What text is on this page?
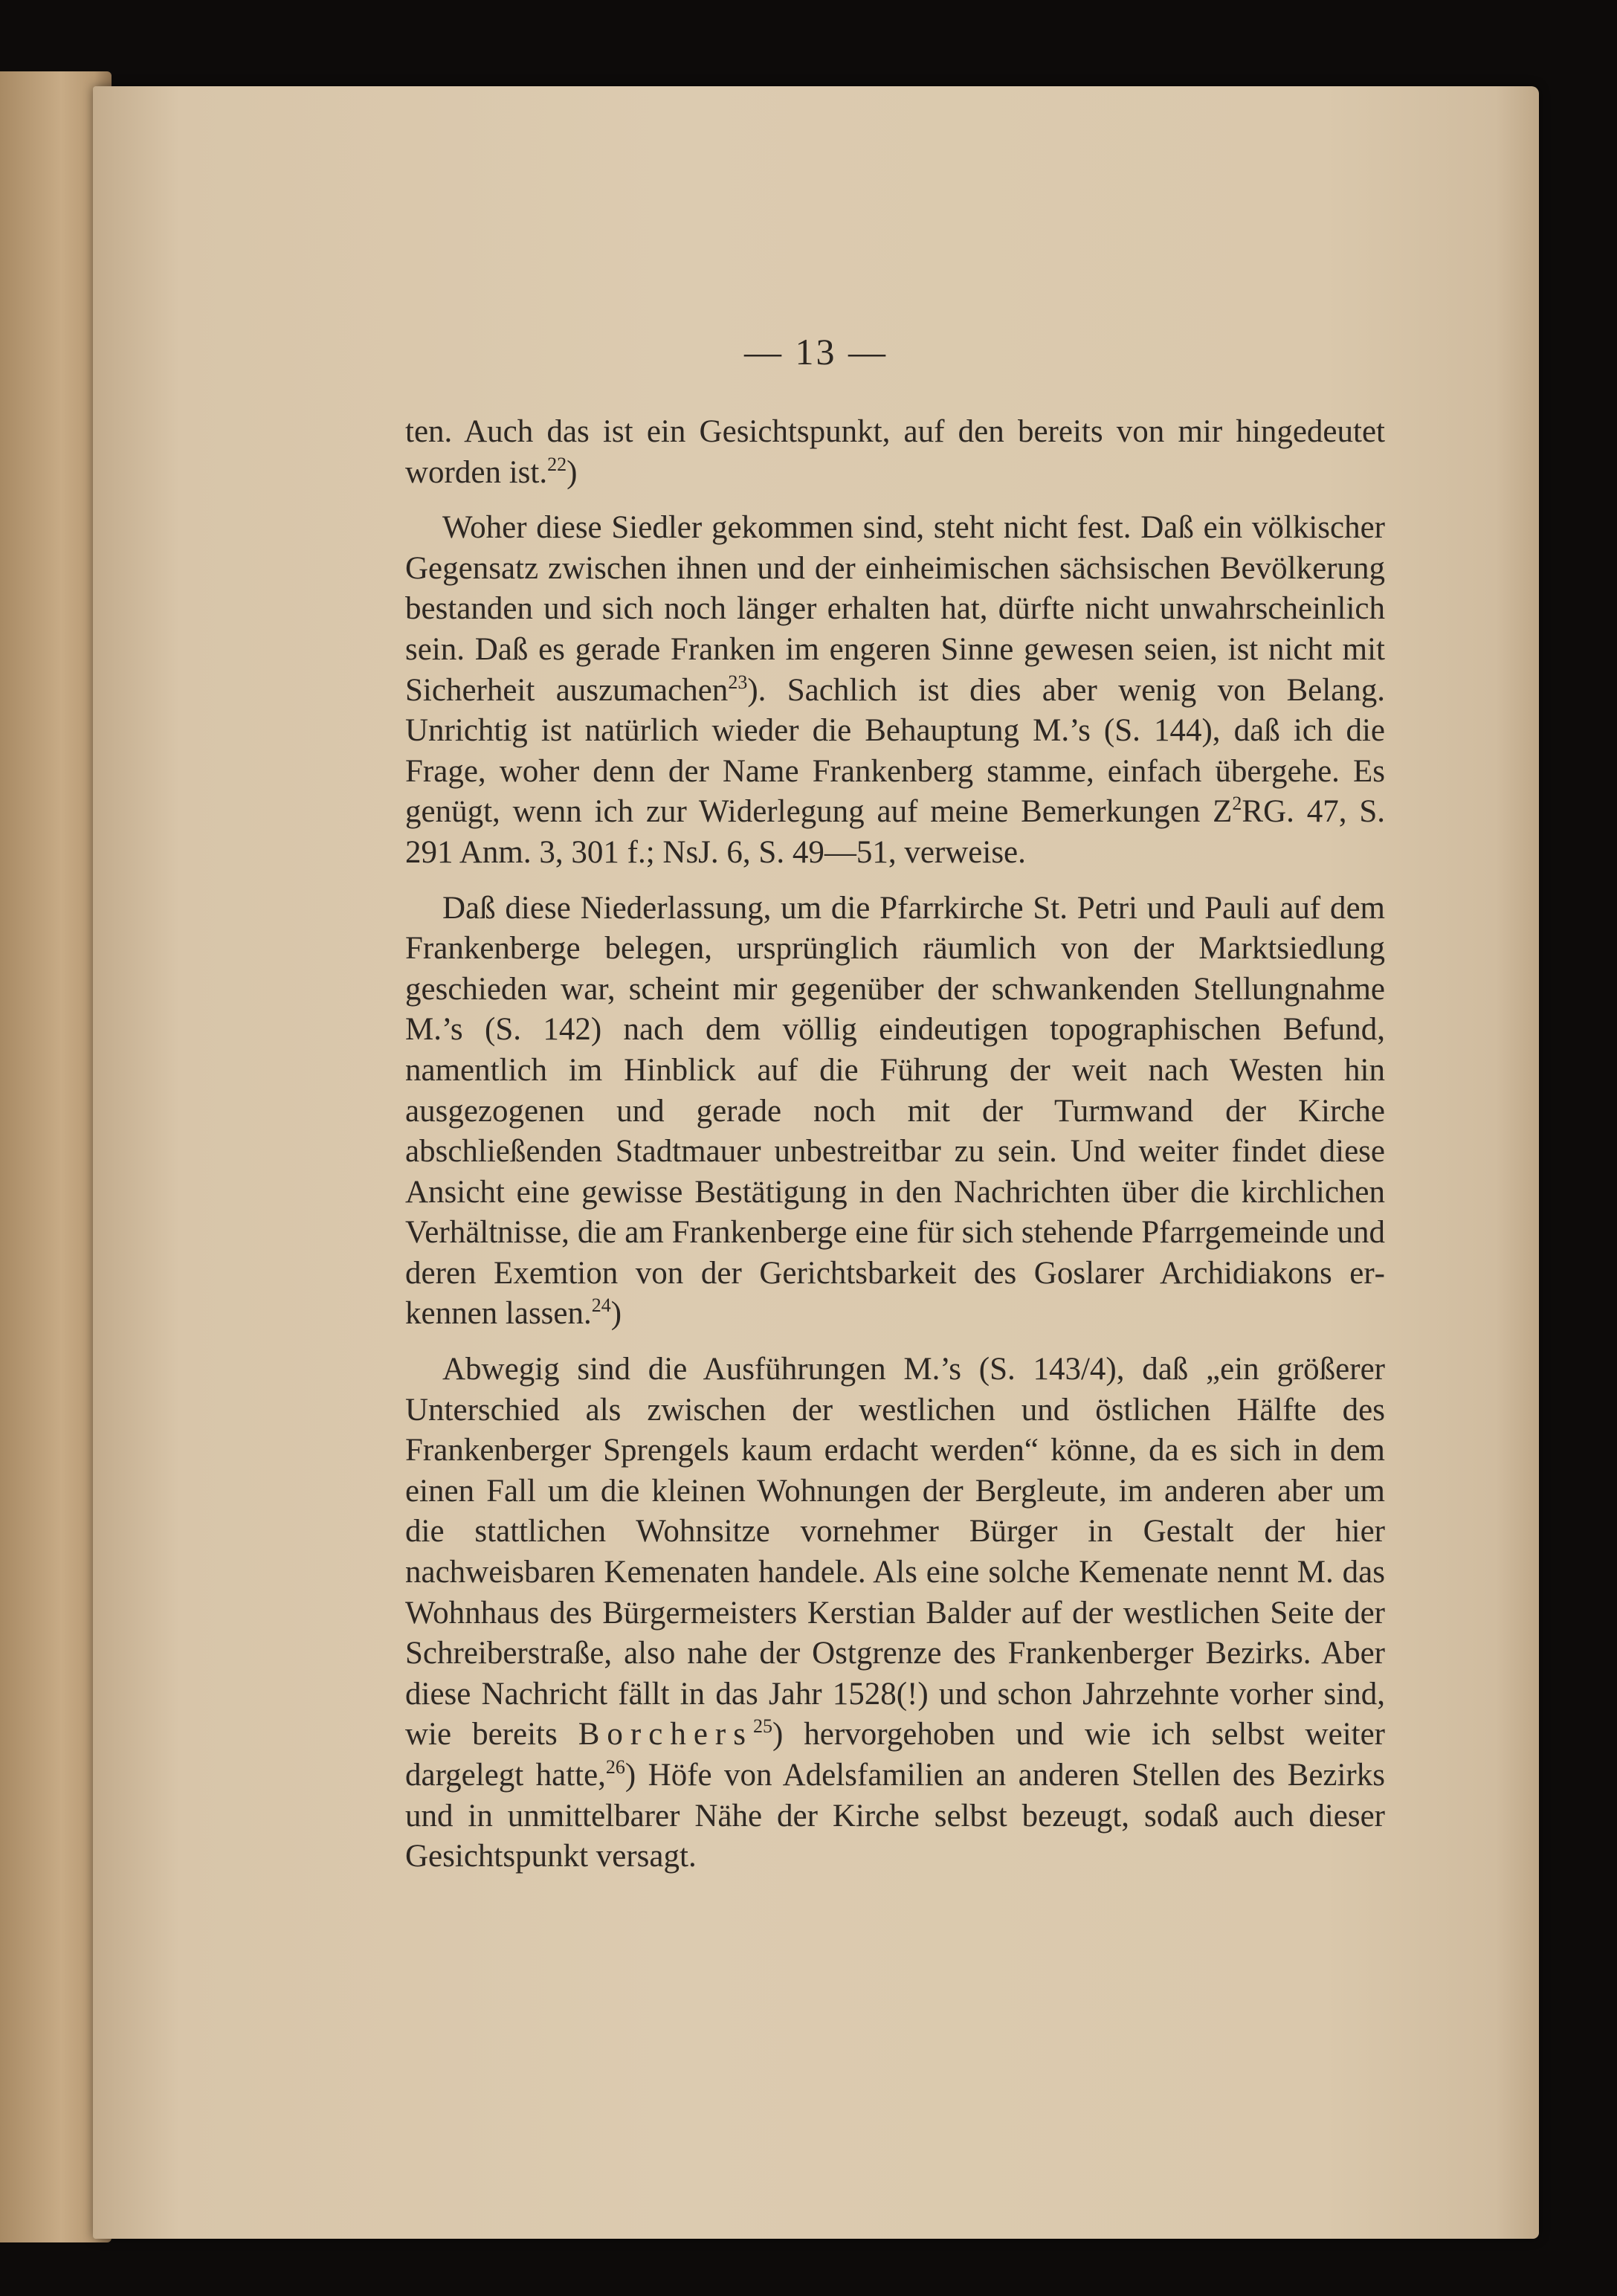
— 13 —

ten. Auch das ist ein Gesichtspunkt, auf den bereits von mir hingedeutet worden ist.$^{22}$)

Woher diese Siedler gekommen sind, steht nicht fest. Daß ein völkischer Gegensatz zwischen ihnen und der einheimischen sächsischen Bevölkerung bestanden und sich noch länger erhalten hat, dürfte nicht unwahrscheinlich sein. Daß es gerade Franken im engeren Sinne gewesen seien, ist nicht mit Sicherheit auszumachen$^{23}$). Sachlich ist dies aber wenig von Belang. Unrichtig ist natürlich wieder die Behauptung M.’s (S. 144), daß ich die Frage, woher denn der Name Frankenberg stamme, einfach übergehe. Es genügt, wenn ich zur Widerlegung auf meine Bemerkungen $Z^2RG$. 47, S. 291 Anm. 3, 301 f.; NsJ. 6, S. 49—51, verweise.

Daß diese Niederlassung, um die Pfarrkirche St. Petri und Pauli auf dem Frankenberge belegen, ursprünglich räumlich von der Marktsiedlung geschieden war, scheint mir gegenüber der schwankenden Stellungnahme M.’s (S. 142) nach dem völlig eindeutigen topographischen Befund, namentlich im Hinblick auf die Führung der weit nach Westen hin ausgezogenen und gerade noch mit der Turmwand der Kirche abschließenden Stadtmauer unbestreitbar zu sein. Und weiter findet diese Ansicht eine gewisse Bestätigung in den Nachrichten über die kirchlichen Verhältnisse, die am Frankenberge eine für sich stehende Pfarrgemeinde und deren Exemtion von der Gerichtsbarkeit des Goslarer Archidiakons erkennen lassen.$^{24}$)

Abwegig sind die Ausführungen M.’s (S. 143/4), daß „ein größerer Unterschied als zwischen der westlichen und östlichen Hälfte des Frankenberger Sprengels kaum erdacht werden“ könne, da es sich in dem einen Fall um die kleinen Wohnungen der Bergleute, im anderen aber um die stattlichen Wohnsitze vornehmer Bürger in Gestalt der hier nachweisbaren Kemenaten handele. Als eine solche Kemenate nennt M. das Wohnhaus des Bürgermeisters Kerstian Balder auf der westlichen Seite der Schreiberstraße, also nahe der Ostgrenze des Frankenberger Bezirks. Aber diese Nachricht fällt in das Jahr 1528(!) und schon Jahrzehnte vorher sind, wie bereits Borchers$^{25}$) hervorgehoben und wie ich selbst weiter dargelegt hatte,$^{26}$) Höfe von Adelsfamilien an anderen Stellen des Bezirks und in unmittelbarer Nähe der Kirche selbst bezeugt, sodaß auch dieser Gesichtspunkt versagt.
